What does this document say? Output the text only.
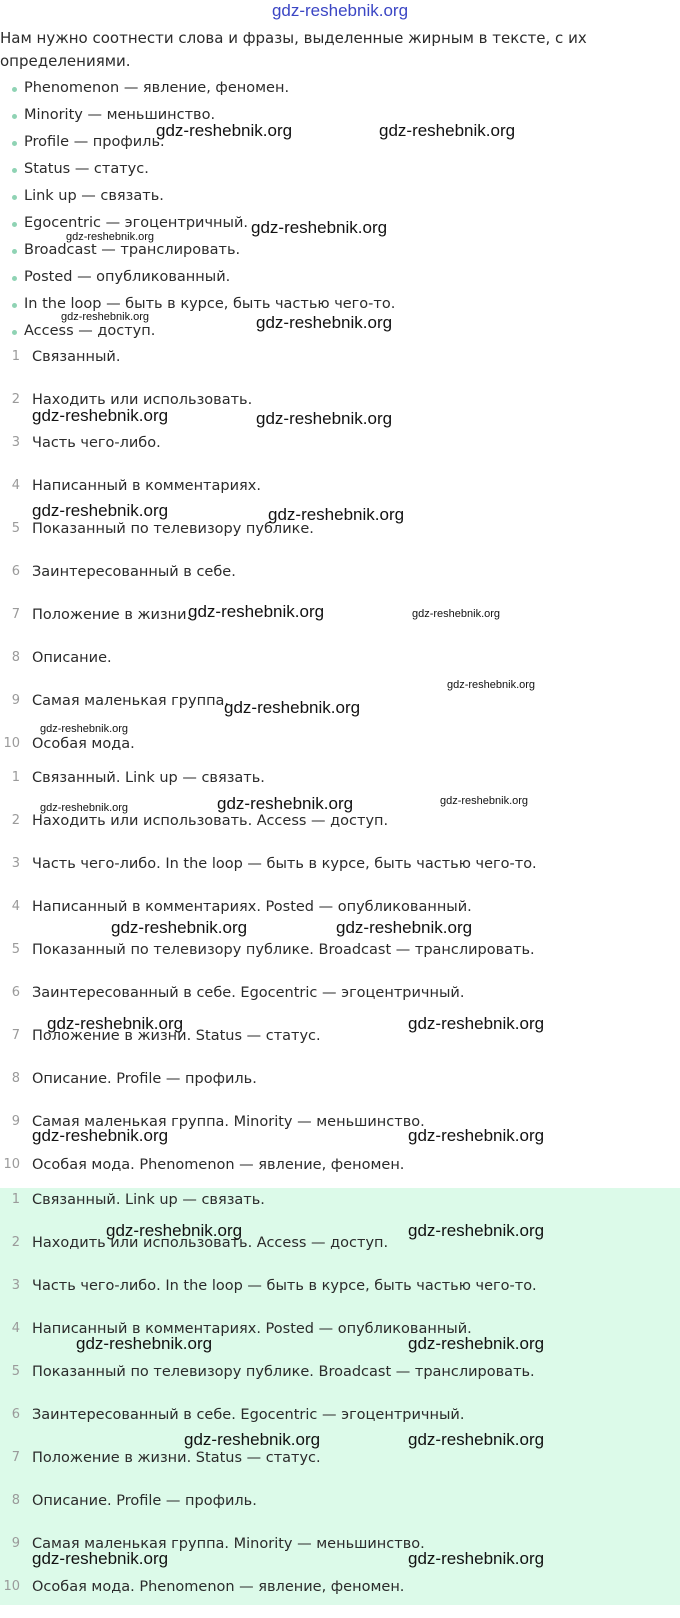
gdz-reshebnik.org
Нам нужно соотнести слова и фразы, выделенные жирным в тексте, с их определениями.
Phenomenon — явление, феномен.
Minority — меньшинство.
Profile — профиль.
Status — статус.
Link up — связать.
Egocentric — эгоцентричный.
Broadcast — транслировать.
Posted — опубликованный.
In the loop — быть в курсе, быть частью чего-то.
Access — доступ.
1 Связанный.
2 Находить или использовать.
3 Часть чего-либо.
4 Написанный в комментариях.
5 Показанный по телевизору публике.
6 Заинтересованный в себе.
7 Положение в жизни.
8 Описание.
9 Самая маленькая группа.
10 Особая мода.
1 Связанный. Link up — связать.
2 Находить или использовать. Access — доступ.
3 Часть чего-либо. In the loop — быть в курсе, быть частью чего-то.
4 Написанный в комментариях. Posted — опубликованный.
5 Показанный по телевизору публике. Broadcast — транслировать.
6 Заинтересованный в себе. Egocentric — эгоцентричный.
7 Положение в жизни. Status — статус.
8 Описание. Profile — профиль.
9 Самая маленькая группа. Minority — меньшинство.
10 Особая мода. Phenomenon — явление, феномен.
1 Связанный. Link up — связать.
2 Находить или использовать. Access — доступ.
3 Часть чего-либо. In the loop — быть в курсе, быть частью чего-то.
4 Написанный в комментариях. Posted — опубликованный.
5 Показанный по телевизору публике. Broadcast — транслировать.
6 Заинтересованный в себе. Egocentric — эгоцентричный.
7 Положение в жизни. Status — статус.
8 Описание. Profile — профиль.
9 Самая маленькая группа. Minority — меньшинство.
10 Особая мода. Phenomenon — явление, феномен.
gdz-reshebnik.org	gdz-reshebnik.org
gdz-reshebnik.org
gdz-reshebnik.org
gdz-reshebnik.org	gdz-reshebnik.org
gdz-reshebnik.org	gdz-reshebnik.org
gdz-reshebnik.org	gdz-reshebnik.org
gdz-reshebnik.org	gdz-reshebnik.org
gdz-reshebnik.org
gdz-reshebnik.org
gdz-reshebnik.org
gdz-reshebnik.org	gdz-reshebnik.org	gdz-reshebnik.org
gdz-reshebnik.org	gdz-reshebnik.org
gdz-reshebnik.org	gdz-reshebnik.org
gdz-reshebnik.org	gdz-reshebnik.org
gdz-reshebnik.org	gdz-reshebnik.org
gdz-reshebnik.org	gdz-reshebnik.org
gdz-reshebnik.org	gdz-reshebnik.org
gdz-reshebnik.org	gdz-reshebnik.org
